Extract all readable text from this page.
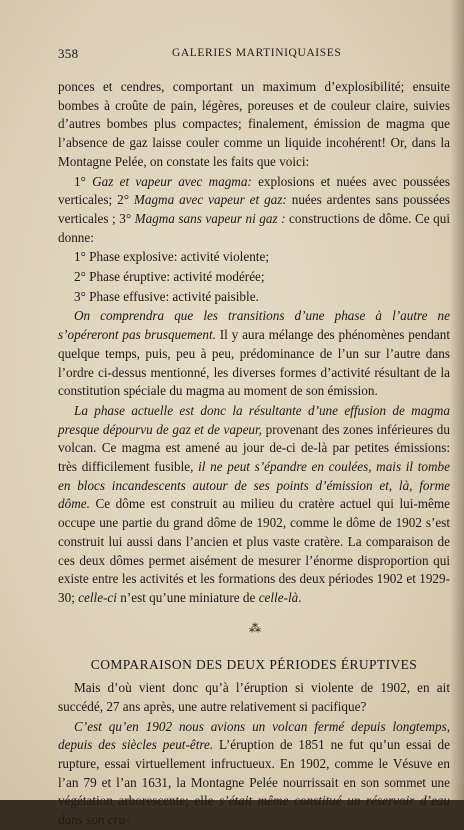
358	GALERIES MARTINIQUAISES

ponces et cendres, comportant un maximum d’explosibilité; ensuite bombes à croûte de pain, légères, poreuses et de couleur claire, suivies d’autres bombes plus compactes; finalement, émission de magma que l’absence de gaz laisse couler comme un liquide incohérent! Or, dans la Montagne Pelée, on constate les faits que voici:

1° Gaz et vapeur avec magma: explosions et nuées avec poussées verticales; 2° Magma avec vapeur et gaz: nuées ardentes sans poussées verticales ; 3° Magma sans vapeur ni gaz : constructions de dôme. Ce qui donne:

1° Phase explosive: activité violente;

2° Phase éruptive: activité modérée;

3° Phase effusive: activité paisible.

On comprendra que les transitions d’une phase à l’autre ne s’opéreront pas brusquement. Il y aura mélange des phénomènes pendant quelque temps, puis, peu à peu, prédominance de l’un sur l’autre dans l’ordre ci-dessus mentionné, les diverses formes d’activité résultant de la constitution spéciale du magma au moment de son émission.

La phase actuelle est donc la résultante d’une effusion de magma presque dépourvu de gaz et de vapeur, provenant des zones inférieures du volcan. Ce magma est amené au jour de-ci de-là par petites émissions: très difficilement fusible, il ne peut s’épandre en coulées, mais il tombe en blocs incandescents autour de ses points d’émission et, là, forme dôme. Ce dôme est construit au milieu du cratère actuel qui lui-même occupe une partie du grand dôme de 1902, comme le dôme de 1902 s’est construit lui aussi dans l’ancien et plus vaste cratère. La comparaison de ces deux dômes permet aisément de mesurer l’énorme disproportion qui existe entre les activités et les formations des deux périodes 1902 et 1929-30; celle-ci n’est qu’une miniature de celle-là.

⁂
COMPARAISON DES DEUX PÉRIODES ÉRUPTIVES

Mais d’où vient donc qu’à l’éruption si violente de 1902, en ait succédé, 27 ans après, une autre relativement si pacifique?

C’est qu’en 1902 nous avions un volcan fermé depuis longtemps, depuis des siècles peut-être. L’éruption de 1851 ne fut qu’un essai de rupture, essai virtuellement infructueux. En 1902, comme le Vésuve en l’an 79 et l’an 1631, la Montagne Pelée nourrissait en son sommet une végétation arborescente; elle s’était même constitué un réservoir d’eau dans son cra-
